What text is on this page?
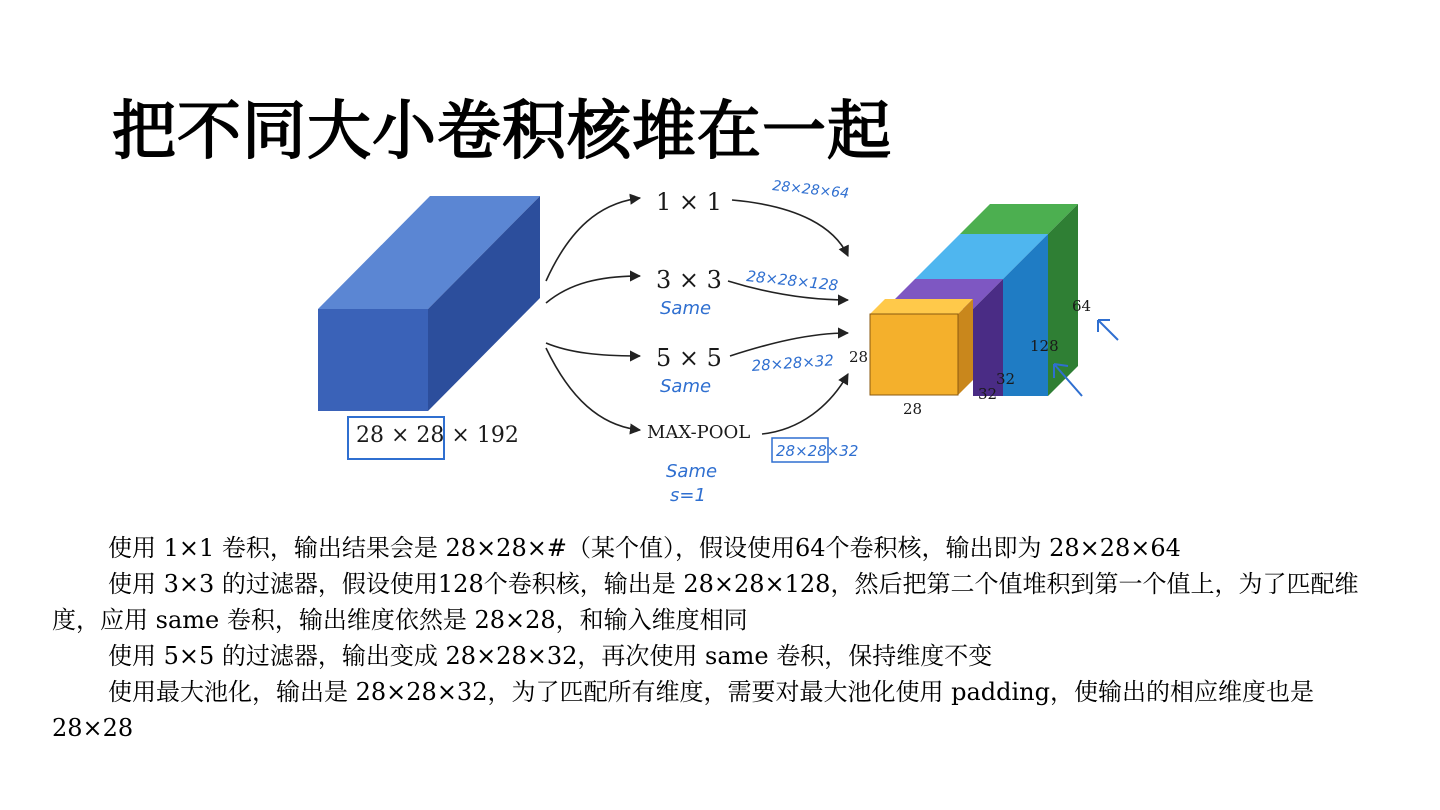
把不同大小卷积核堆在一起
28 × 28 × 192
1 × 1
3 × 3
Same
5 × 5
Same
MAX-POOL
Same
s=1
28×28×64
28×28×128
28×28×32
28×28×32
28
28
32
32
128
64

使用 1×1 卷积，输出结果会是 28×28×#（某个值），假设使用64个卷积核，输出即为 28×28×64

使用 3×3 的过滤器，假设使用128个卷积核，输出是 28×28×128，然后把第二个值堆积到第一个值上，为了匹配维度，应用 same 卷积，输出维度依然是 28×28，和输入维度相同

使用 5×5 的过滤器，输出变成 28×28×32，再次使用 same 卷积，保持维度不变

使用最大池化，输出是 28×28×32，为了匹配所有维度，需要对最大池化使用 padding，使输出的相应维度也是28×28
